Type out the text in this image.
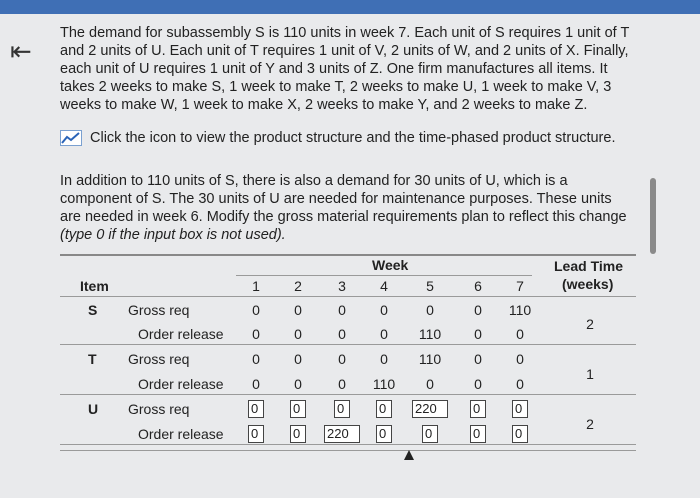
⇤

The demand for subassembly S is 110 units in week 7. Each unit of S requires 1 unit of T and 2 units of U. Each unit of T requires 1 unit of V, 2 units of W, and 2 units of X. Finally, each unit of U requires 1 unit of Y and 3 units of Z. One firm manufactures all items. It takes 2 weeks to make S, 1 week to make T, 2 weeks to make U, 1 week to make V, 3 weeks to make W, 1 week to make X, 2 weeks to make Y, and 2 weeks to make Z.

Click the icon to view the product structure and the time-phased product structure.
In addition to 110 units of S, there is also a demand for 30 units of U, which is a component of S. The 30 units of U are needed for maintenance purposes. These units are needed in week 6. Modify the gross material requirements plan to reflect this change (type 0 if the input box is not used).
Week	Lead Time
(weeks)
Item	1	2	3	4	5	6	7
S Gross req	0	0	0	0	0	0	110
Order release	0	0	0	0	110	0	0
2
T Gross req	0	0	0	0	110	0	0
Order release	0	0	0	110	0	0	0
1
U Gross req	0	0	0	0	220	0	0
Order release 0	0	220	0	0	0	0
2
